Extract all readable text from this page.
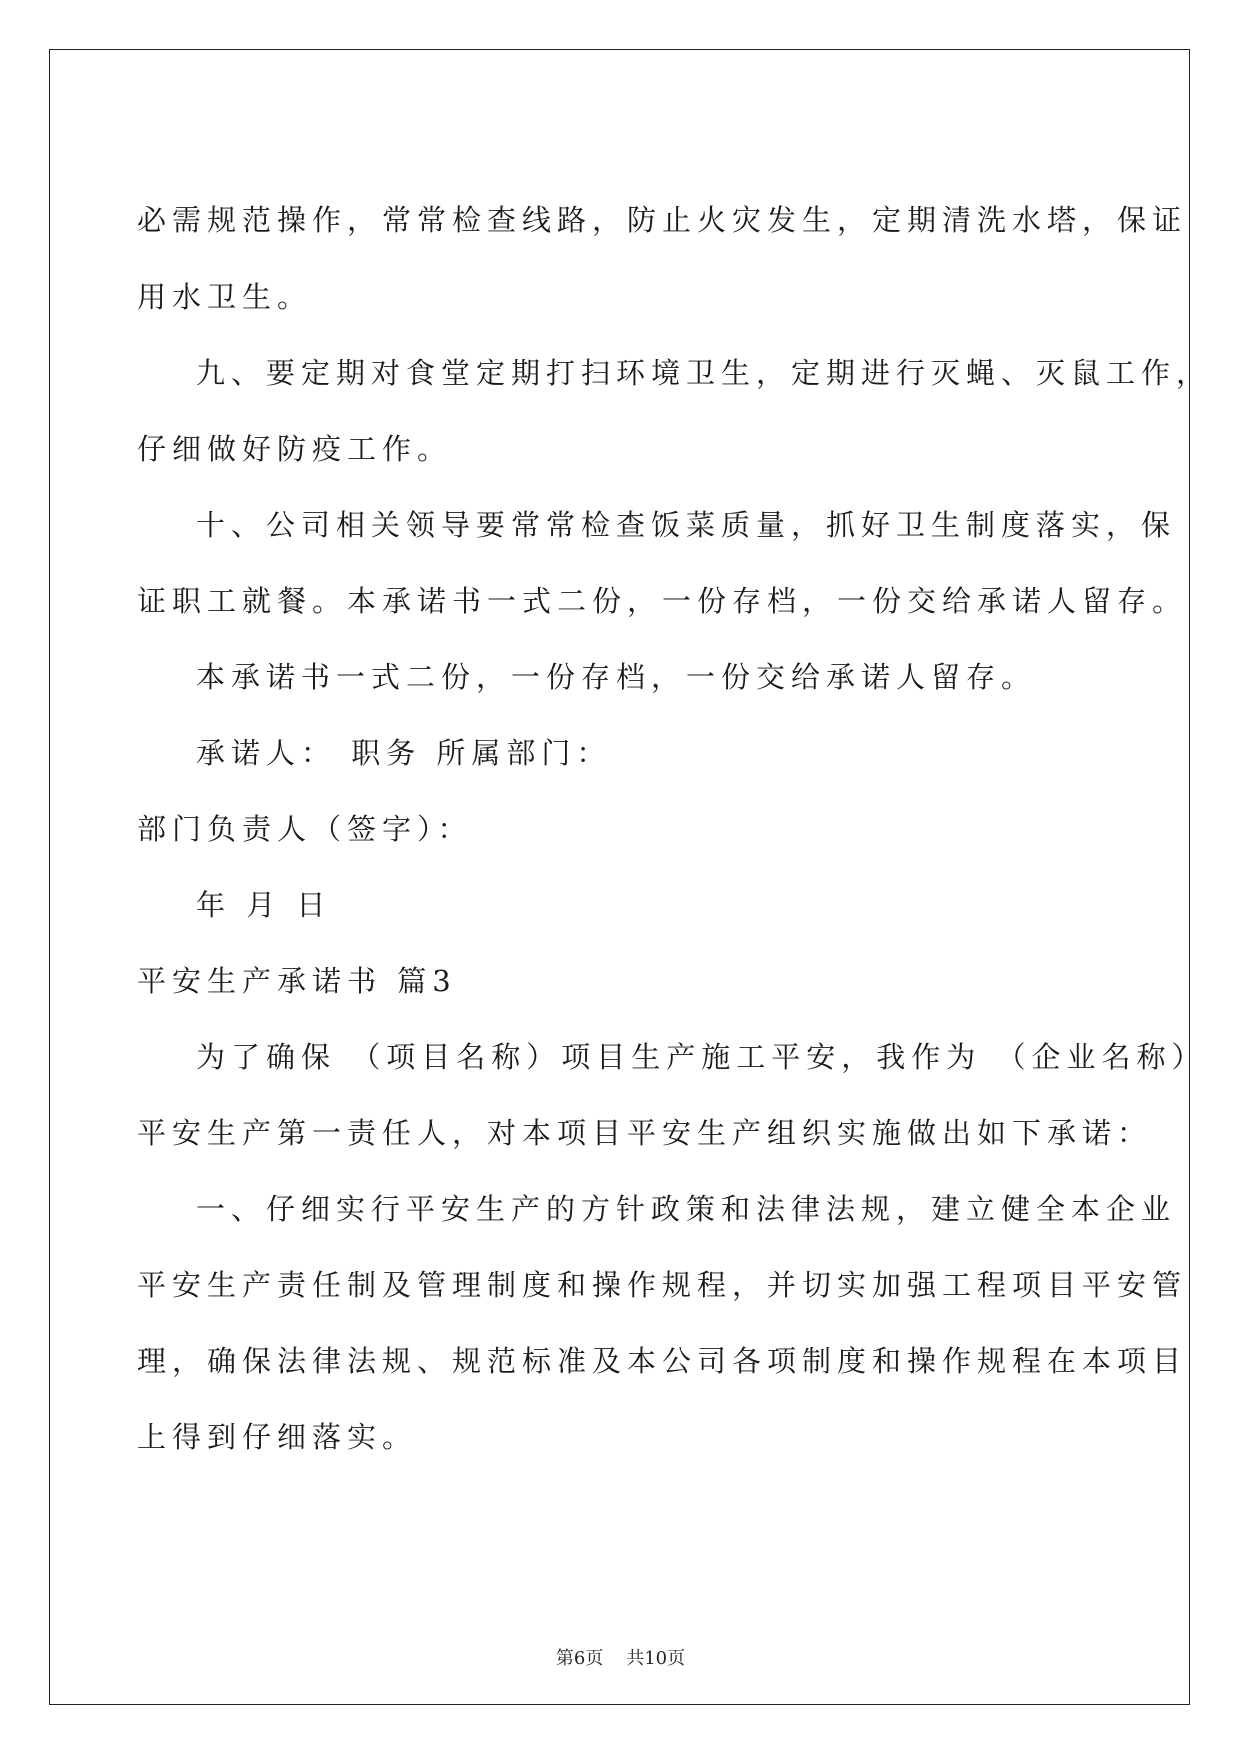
必需规范操作，常常检查线路，防止火灾发生，定期清洗水塔，保证

用水卫生。

九、要定期对食堂定期打扫环境卫生，定期进行灭蝇、灭鼠工作，

仔细做好防疫工作。

十、公司相关领导要常常检查饭菜质量，抓好卫生制度落实，保

证职工就餐。本承诺书一式二份，一份存档，一份交给承诺人留存。

本承诺书一式二份，一份存档，一份交给承诺人留存。

承诺人： 职务 所属部门：

部门负责人（签字）：

年 月 日

平安生产承诺书 篇3

为了确保 （项目名称）项目生产施工平安，我作为 （企业名称）

平安生产第一责任人，对本项目平安生产组织实施做出如下承诺：

一、仔细实行平安生产的方针政策和法律法规，建立健全本企业

平安生产责任制及管理制度和操作规程，并切实加强工程项目平安管

理，确保法律法规、规范标准及本公司各项制度和操作规程在本项目

上得到仔细落实。

第6页    共10页
